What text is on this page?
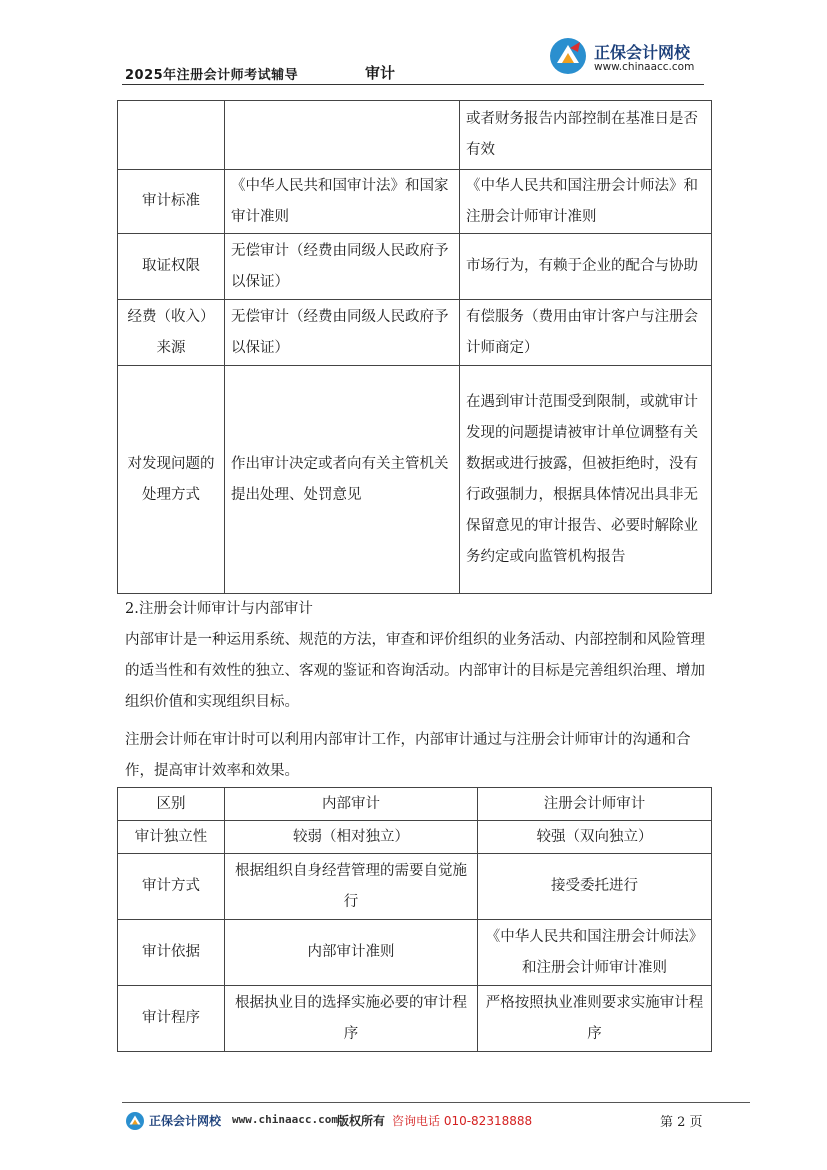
2025年注册会计师考试辅导	审计
正保会计网校
www.chinaacc.com
		或者财务报告内部控制在基准日是否有效
审计标准	《中华人民共和国审计法》和国家审计准则	《中华人民共和国注册会计师法》和注册会计师审计准则
取证权限	无偿审计（经费由同级人民政府予以保证）	市场行为，有赖于企业的配合与协助
经费（收入）来源	无偿审计（经费由同级人民政府予以保证）	有偿服务（费用由审计客户与注册会计师商定）
对发现问题的处理方式	作出审计决定或者向有关主管机关提出处理、处罚意见	在遇到审计范围受到限制，或就审计发现的问题提请被审计单位调整有关数据或进行披露，但被拒绝时，没有行政强制力，根据具体情况出具非无保留意见的审计报告、必要时解除业务约定或向监管机构报告
2.注册会计师审计与内部审计
内部审计是一种运用系统、规范的方法，审查和评价组织的业务活动、内部控制和风险管理的适当性和有效性的独立、客观的鉴证和咨询活动。内部审计的目标是完善组织治理、增加组织价值和实现组织目标。
注册会计师在审计时可以利用内部审计工作，内部审计通过与注册会计师审计的沟通和合作，提高审计效率和效果。
区别	内部审计	注册会计师审计
审计独立性	较弱（相对独立）	较强（双向独立）
审计方式	根据组织自身经营管理的需要自觉施行	接受委托进行
审计依据	内部审计准则	《中华人民共和国注册会计师法》和注册会计师审计准则
审计程序	根据执业目的选择实施必要的审计程序	严格按照执业准则要求实施审计程序
正保会计网校 www.chinaacc.com 版权所有 咨询电话 010-82318888	第 2 页
